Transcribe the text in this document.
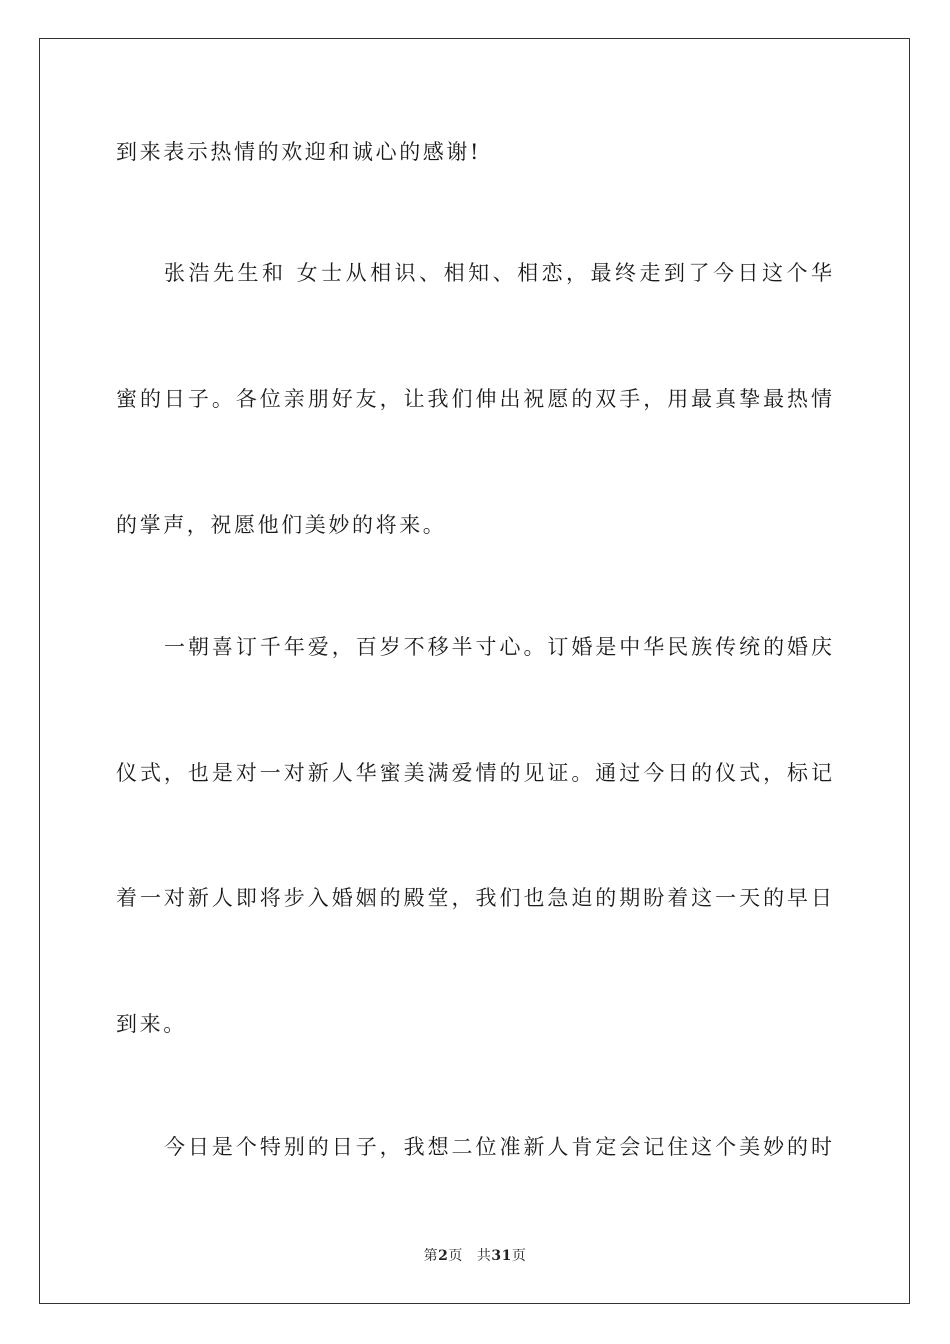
到来表示热情的欢迎和诚心的感谢!
张浩先生和 女士从相识、相知、相恋，最终走到了今日这个华
蜜的日子。各位亲朋好友，让我们伸出祝愿的双手，用最真挚最热情
的掌声，祝愿他们美妙的将来。
一朝喜订千年爱，百岁不移半寸心。订婚是中华民族传统的婚庆
仪式，也是对一对新人华蜜美满爱情的见证。通过今日的仪式，标记
着一对新人即将步入婚姻的殿堂，我们也急迫的期盼着这一天的早日
到来。
今日是个特别的日子，我想二位准新人肯定会记住这个美妙的时
第2页 共31页
